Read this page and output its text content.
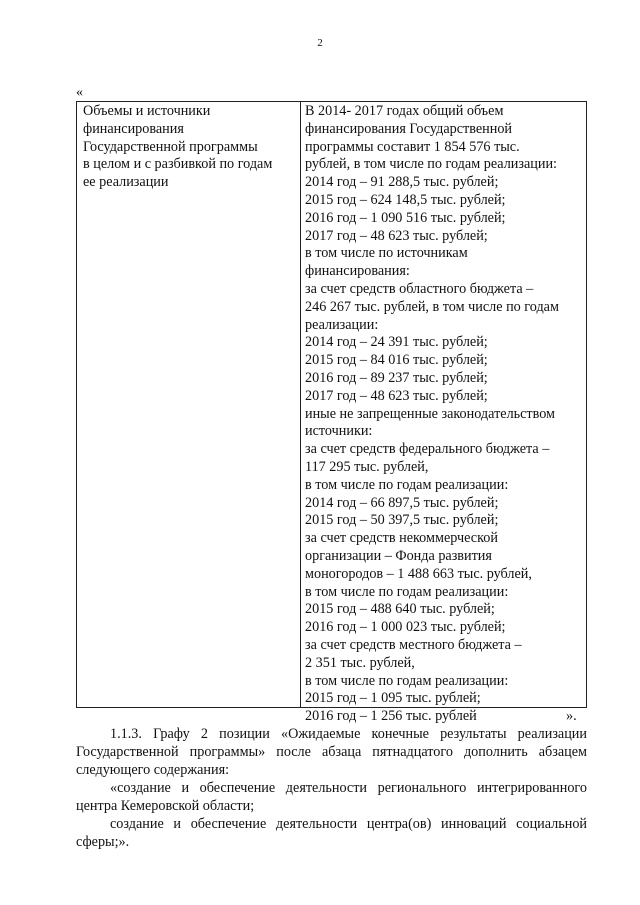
2
«
Объемы и источники
финансирования
Государственной программы
в целом и с разбивкой по годам
ее реализации
В 2014- 2017 годах общий объем
финансирования Государственной
программы составит 1 854 576 тыс.
рублей, в том числе по годам реализации:
2014 год – 91 288,5 тыс. рублей;
2015 год – 624 148,5 тыс. рублей;
2016 год – 1 090 516 тыс. рублей;
2017 год – 48 623 тыс. рублей;
в том числе по источникам
финансирования:
за счет средств областного бюджета –
246 267 тыс. рублей, в том числе по годам
реализации:
2014 год – 24 391 тыс. рублей;
2015 год – 84 016 тыс. рублей;
2016 год – 89 237 тыс. рублей;
2017 год – 48 623 тыс. рублей;
иные не запрещенные законодательством
источники:
за счет средств федерального бюджета –
117 295 тыс. рублей,
в том числе по годам реализации:
2014 год – 66 897,5 тыс. рублей;
2015 год – 50 397,5 тыс. рублей;
за счет средств некоммерческой
организации – Фонда развития
моногородов – 1 488 663 тыс. рублей,
в том числе по годам реализации:
2015 год – 488 640 тыс. рублей;
2016 год – 1 000 023 тыс. рублей;
за счет средств местного бюджета –
2 351 тыс. рублей,
в том числе по годам реализации:
2015 год – 1 095 тыс. рублей;
2016 год – 1 256 тыс. рублей	».
1.1.3. Графу 2 позиции «Ожидаемые конечные результаты реализации
Государственной программы» после абзаца пятнадцатого дополнить абзацем
следующего содержания:
«создание и обеспечение деятельности регионального интегрированного
центра Кемеровской области;
создание и обеспечение деятельности центра(ов) инноваций социальной
сферы;».
